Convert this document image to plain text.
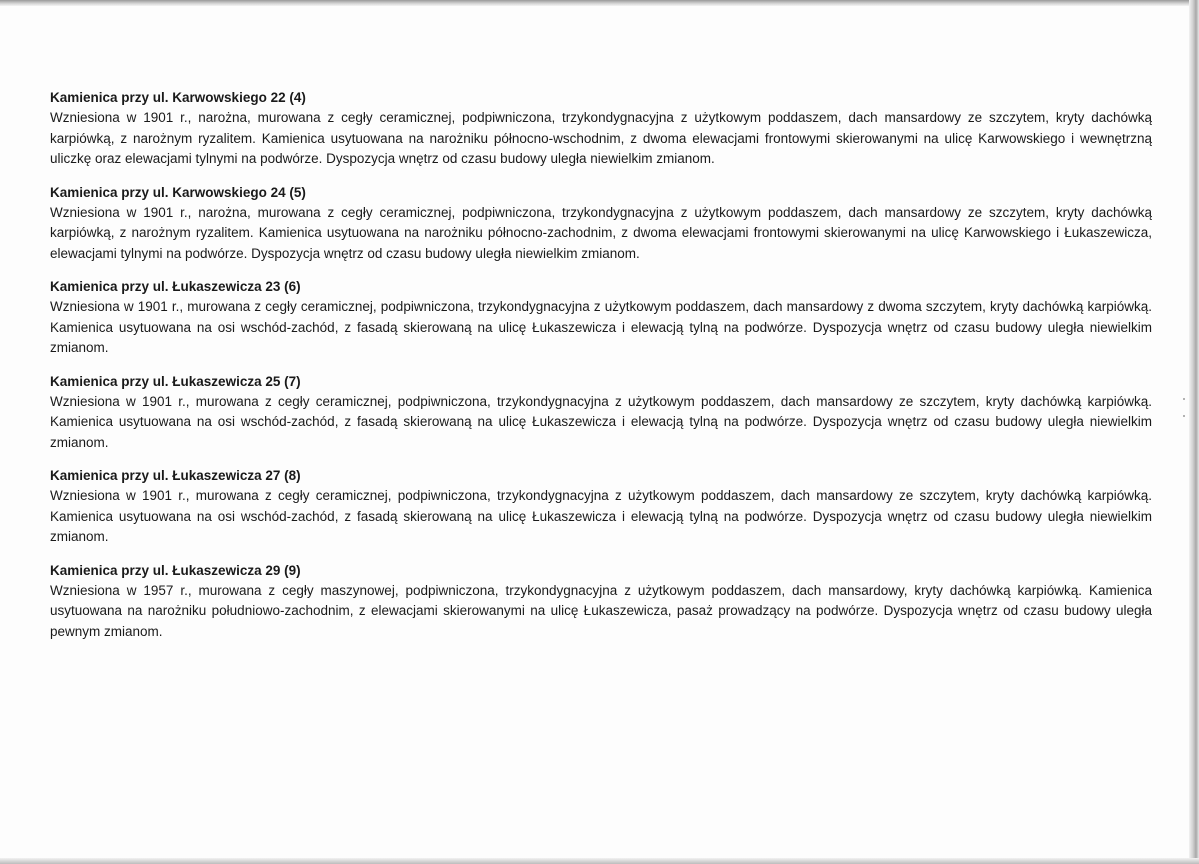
Kamienica przy ul. Karwowskiego 22 (4)

Wzniesiona w 1901 r., narożna, murowana z cegły ceramicznej, podpiwniczona, trzykondygnacyjna z użytkowym poddaszem, dach mansardowy ze szczytem, kryty dachówką karpiówką, z narożnym ryzalitem. Kamienica usytuowana na narożniku północno-wschodnim, z dwoma elewacjami frontowymi skierowanymi na ulicę Karwowskiego i wewnętrzną uliczkę oraz elewacjami tylnymi na podwórze. Dyspozycja wnętrz od czasu budowy uległa niewielkim zmianom.

Kamienica przy ul. Karwowskiego 24 (5)

Wzniesiona w 1901 r., narożna, murowana z cegły ceramicznej, podpiwniczona, trzykondygnacyjna z użytkowym poddaszem, dach mansardowy ze szczytem, kryty dachówką karpiówką, z narożnym ryzalitem. Kamienica usytuowana na narożniku północno-zachodnim, z dwoma elewacjami frontowymi skierowanymi na ulicę Karwowskiego i Łukaszewicza, elewacjami tylnymi na podwórze. Dyspozycja wnętrz od czasu budowy uległa niewielkim zmianom.

Kamienica przy ul. Łukaszewicza 23 (6)

Wzniesiona w 1901 r., murowana z cegły ceramicznej, podpiwniczona, trzykondygnacyjna z użytkowym poddaszem, dach mansardowy z dwoma szczytem, kryty dachówką karpiówką. Kamienica usytuowana na osi wschód-zachód, z fasadą skierowaną na ulicę Łukaszewicza i elewacją tylną na podwórze. Dyspozycja wnętrz od czasu budowy uległa niewielkim zmianom.

Kamienica przy ul. Łukaszewicza 25 (7)

Wzniesiona w 1901 r., murowana z cegły ceramicznej, podpiwniczona, trzykondygnacyjna z użytkowym poddaszem, dach mansardowy ze szczytem, kryty dachówką karpiówką. Kamienica usytuowana na osi wschód-zachód, z fasadą skierowaną na ulicę Łukaszewicza i elewacją tylną na podwórze. Dyspozycja wnętrz od czasu budowy uległa niewielkim zmianom.

Kamienica przy ul. Łukaszewicza 27 (8)

Wzniesiona w 1901 r., murowana z cegły ceramicznej, podpiwniczona, trzykondygnacyjna z użytkowym poddaszem, dach mansardowy ze szczytem, kryty dachówką karpiówką. Kamienica usytuowana na osi wschód-zachód, z fasadą skierowaną na ulicę Łukaszewicza i elewacją tylną na podwórze. Dyspozycja wnętrz od czasu budowy uległa niewielkim zmianom.

Kamienica przy ul. Łukaszewicza 29 (9)

Wzniesiona w 1957 r., murowana z cegły maszynowej, podpiwniczona, trzykondygnacyjna z użytkowym poddaszem, dach mansardowy, kryty dachówką karpiówką. Kamienica usytuowana na narożniku południowo-zachodnim, z elewacjami skierowanymi na ulicę Łukaszewicza, pasaż prowadzący na podwórze. Dyspozycja wnętrz od czasu budowy uległa pewnym zmianom.
